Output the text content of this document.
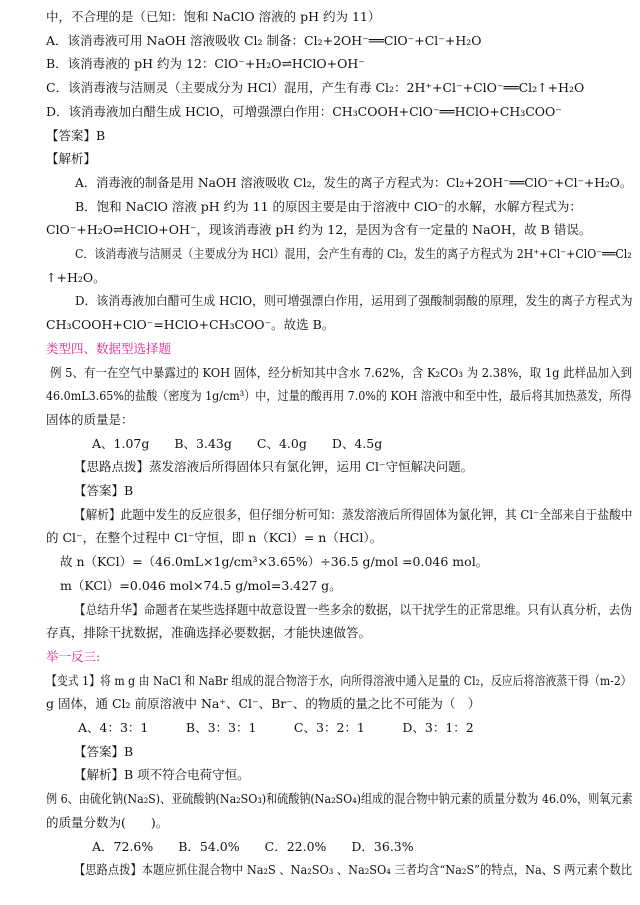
中，不合理的是（已知：饱和 NaClO 溶液的 pH 约为 11）
A．该消毒液可用 NaOH 溶液吸收 Cl₂ 制备：Cl₂+2OH⁻══ClO⁻+Cl⁻+H₂O
B．该消毒液的 pH 约为 12：ClO⁻+H₂O⇌HClO+OH⁻
C．该消毒液与洁厕灵（主要成分为 HCl）混用，产生有毒 Cl₂：2H⁺+Cl⁻+ClO⁻══Cl₂↑+H₂O
D．该消毒液加白醋生成 HClO，可增强漂白作用：CH₃COOH+ClO⁻══HClO+CH₃COO⁻
【答案】B
【解析】
A．消毒液的制备是用 NaOH 溶液吸收 Cl₂，发生的离子方程式为：Cl₂+2OH⁻══ClO⁻+Cl⁻+H₂O。
B．饱和 NaClO 溶液 pH 约为 11 的原因主要是由于溶液中 ClO⁻的水解，水解方程式为：
ClO⁻+H₂O⇌HClO+OH⁻，现该消毒液 pH 约为 12，是因为含有一定量的 NaOH，故 B 错误。
C．该消毒液与洁厕灵（主要成分为 HCl）混用，会产生有毒的 Cl₂，发生的离子方程式为 2H⁺+Cl⁻+ClO⁻══Cl₂
↑+H₂O。
D．该消毒液加白醋可生成 HClO，则可增强漂白作用，运用到了强酸制弱酸的原理，发生的离子方程式为
CH₃COOH+ClO⁻=HClO+CH₃COO⁻。故选 B。
类型四、数据型选择题
例 5、有一在空气中暴露过的 KOH 固体，经分析知其中含水 7.62%，含 K₂CO₃ 为 2.38%，取 1g 此样品加入到
46.0mL3.65%的盐酸（密度为 1g/cm³）中，过量的酸再用 7.0%的 KOH 溶液中和至中性，最后将其加热蒸发，所得
固体的质量是：
A、1.07g　　B、3.43g　　C、4.0g　　D、4.5g
【思路点拨】蒸发溶液后所得固体只有氯化钾，运用 Cl⁻守恒解决问题。
【答案】B
【解析】此题中发生的反应很多，但仔细分析可知：蒸发溶液后所得固体为氯化钾，其 Cl⁻全部来自于盐酸中
的 Cl⁻，在整个过程中 Cl⁻守恒，即 n（KCl）= n（HCl）。
故 n（KCl）=（46.0mL×1g/cm³×3.65%）÷36.5 g/mol =0.046 mol。
m（KCl）=0.046 mol×74.5 g/mol=3.427 g。
【总结升华】命题者在某些选择题中故意设置一些多余的数据，以干扰学生的正常思维。只有认真分析，去伪
存真，排除干扰数据，准确选择必要数据，才能快速做答。
举一反三:
【变式 1】将 m g 由 NaCl 和 NaBr 组成的混合物溶于水，向所得溶液中通入足量的 Cl₂，反应后将溶液蒸干得（m-2）
g 固体，通 Cl₂ 前原溶液中 Na⁺、Cl⁻、Br⁻、的物质的量之比不可能为（　）
A、4：3：1　　　B、3：3：1　　　C、3：2：1　　　D、3：1：2
【答案】B
【解析】B 项不符合电荷守恒。
例 6、由硫化钠(Na₂S)、亚硫酸钠(Na₂SO₃)和硫酸钠(Na₂SO₄)组成的混合物中钠元素的质量分数为 46.0%，则氧元素
的质量分数为(　　)。
A．72.6%　　B．54.0%　　C．22.0%　　D．36.3%
【思路点拨】本题应抓住混合物中 Na₂S 、Na₂SO₃ 、Na₂SO₄ 三者均含“Na₂S”的特点，Na、S 两元素个数比
